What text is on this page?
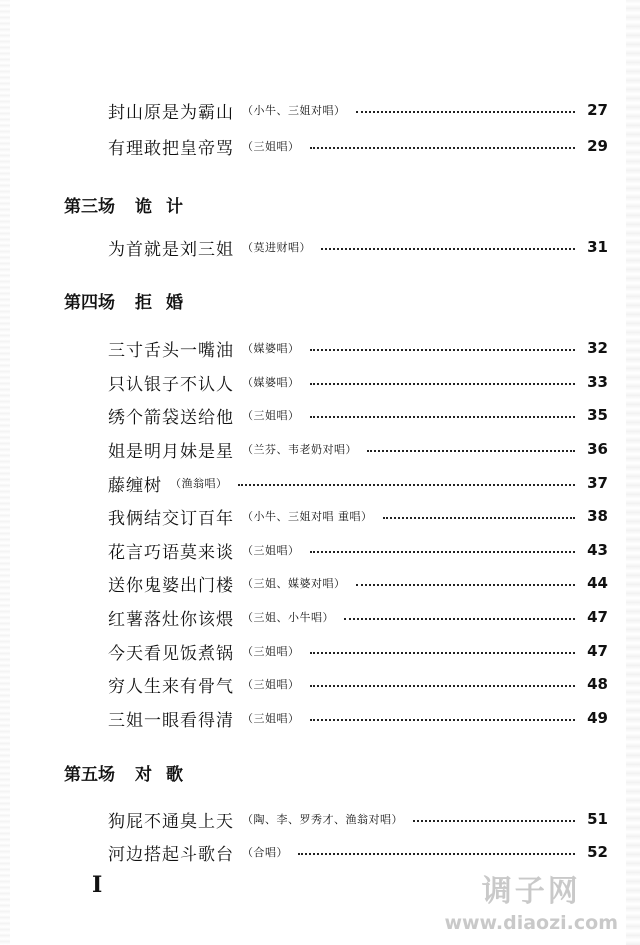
封山原是为霸山 （小牛、三姐对唱）	27
有理敢把皇帝骂 （三姐唱）	29
第三场 诡计
为首就是刘三姐 （莫进财唱）	31
第四场 拒婚
三寸舌头一嘴油 （媒婆唱）	32
只认银子不认人 （媒婆唱）	33
绣个箭袋送给他 （三姐唱）	35
姐是明月妹是星 （兰芬、韦老奶对唱）	36
藤缠树 （渔翁唱）	37
我俩结交订百年 （小牛、三姐对唱 重唱）	38
花言巧语莫来谈 （三姐唱）	43
送你鬼婆出门楼 （三姐、媒婆对唱）	44
红薯落灶你该煨 （三姐、小牛唱）	47
今天看见饭煮锅 （三姐唱）	47
穷人生来有骨气 （三姐唱）	48
三姐一眼看得清 （三姐唱）	49
第五场 对歌
狗屁不通臭上天 （陶、李、罗秀才、渔翁对唱）	51
河边搭起斗歌台 （合唱）	52
I	调子网
www.diaozi.com
